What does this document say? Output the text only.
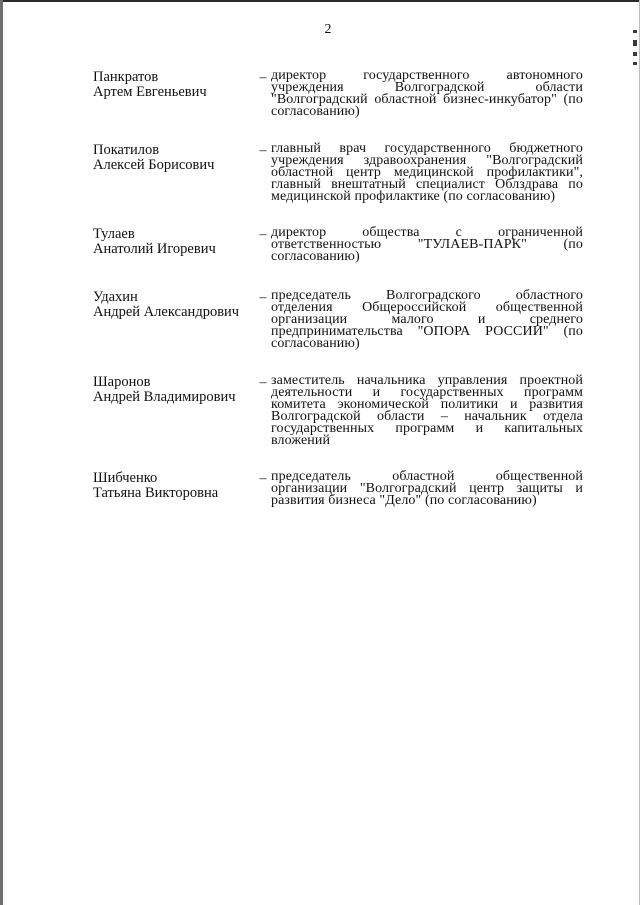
2
Панкратов
Артем Евгеньевич
– директор государственного автономного учреждения Волгоградской области "Волгоградский областной бизнес-инкубатор" (по согласованию)
Покатилов
Алексей Борисович
– главный врач государственного бюджетного учреждения здравоохранения "Волгоградский областной центр медицинской профилактики", главный внештатный специалист Облздрава по медицинской профилактике (по согласованию)
Тулаев
Анатолий Игоревич
– директор общества с ограниченной ответственностью "ТУЛАЕВ-ПАРК" (по согласованию)
Удахин
Андрей Александрович
– председатель Волгоградского областного отделения Общероссийской общественной организации малого и среднего предпринимательства "ОПОРА РОССИИ" (по согласованию)
Шаронов
Андрей Владимирович
– заместитель начальника управления проектной деятельности и государственных программ комитета экономической политики и развития Волгоградской области – начальник отдела государственных программ и капитальных вложений
Шибченко
Татьяна Викторовна
– председатель областной общественной организации "Волгоградский центр защиты и развития бизнеса "Дело" (по согласованию)
